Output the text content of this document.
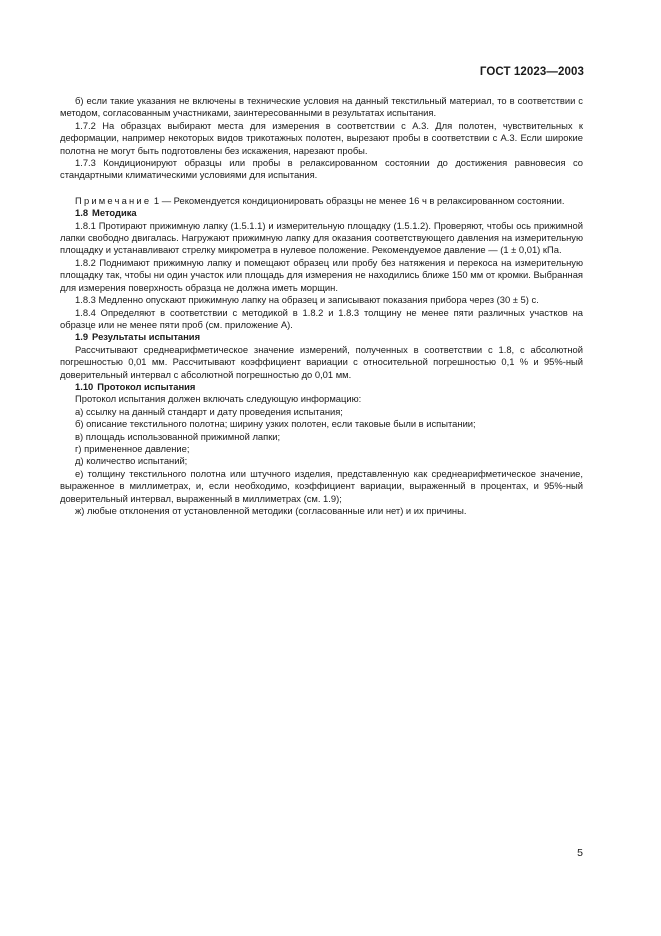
ГОСТ 12023—2003

б) если такие указания не включены в технические условия на данный текстильный материал, то в соответствии с методом, согласованным участниками, заинтересованными в результатах испытания.

1.7.2 На образцах выбирают места для измерения в соответствии с А.3. Для полотен, чувствительных к деформации, например некоторых видов трикотажных полотен, вырезают пробы в соответствии с А.3. Если широкие полотна не могут быть подготовлены без искажения, нарезают пробы.

1.7.3 Кондиционируют образцы или пробы в релаксированном состоянии до достижения равновесия со стандартными климатическими условиями для испытания.

Примечание 1 — Рекомендуется кондиционировать образцы не менее 16 ч в релаксированном состоянии.

1.8 Методика

1.8.1 Протирают прижимную лапку (1.5.1.1) и измерительную площадку (1.5.1.2). Проверяют, чтобы ось прижимной лапки свободно двигалась. Нагружают прижимную лапку для оказания соответствующего давления на измерительную площадку и устанавливают стрелку микрометра в нулевое положение. Рекомендуемое давление — (1 ± 0,01) кПа.

1.8.2 Поднимают прижимную лапку и помещают образец или пробу без натяжения и перекоса на измерительную площадку так, чтобы ни один участок или площадь для измерения не находились ближе 150 мм от кромки. Выбранная для измерения поверхность образца не должна иметь морщин.

1.8.3 Медленно опускают прижимную лапку на образец и записывают показания прибора через (30 ± 5) с.

1.8.4 Определяют в соответствии с методикой в 1.8.2 и 1.8.3 толщину не менее пяти различных участков на образце или не менее пяти проб (см. приложение А).

1.9 Результаты испытания

Рассчитывают среднеарифметическое значение измерений, полученных в соответствии с 1.8, с абсолютной погрешностью 0,01 мм. Рассчитывают коэффициент вариации с относительной погрешностью 0,1 % и 95%-ный доверительный интервал с абсолютной погрешностью до 0,01 мм.

1.10 Протокол испытания

Протокол испытания должен включать следующую информацию:

а) ссылку на данный стандарт и дату проведения испытания;

б) описание текстильного полотна; ширину узких полотен, если таковые были в испытании;

в) площадь использованной прижимной лапки;

г) примененное давление;

д) количество испытаний;

е) толщину текстильного полотна или штучного изделия, представленную как среднеарифметическое значение, выраженное в миллиметрах, и, если необходимо, коэффициент вариации, выраженный в процентах, и 95%-ный доверительный интервал, выраженный в миллиметрах (см. 1.9);

ж) любые отклонения от установленной методики (согласованные или нет) и их причины.

5
